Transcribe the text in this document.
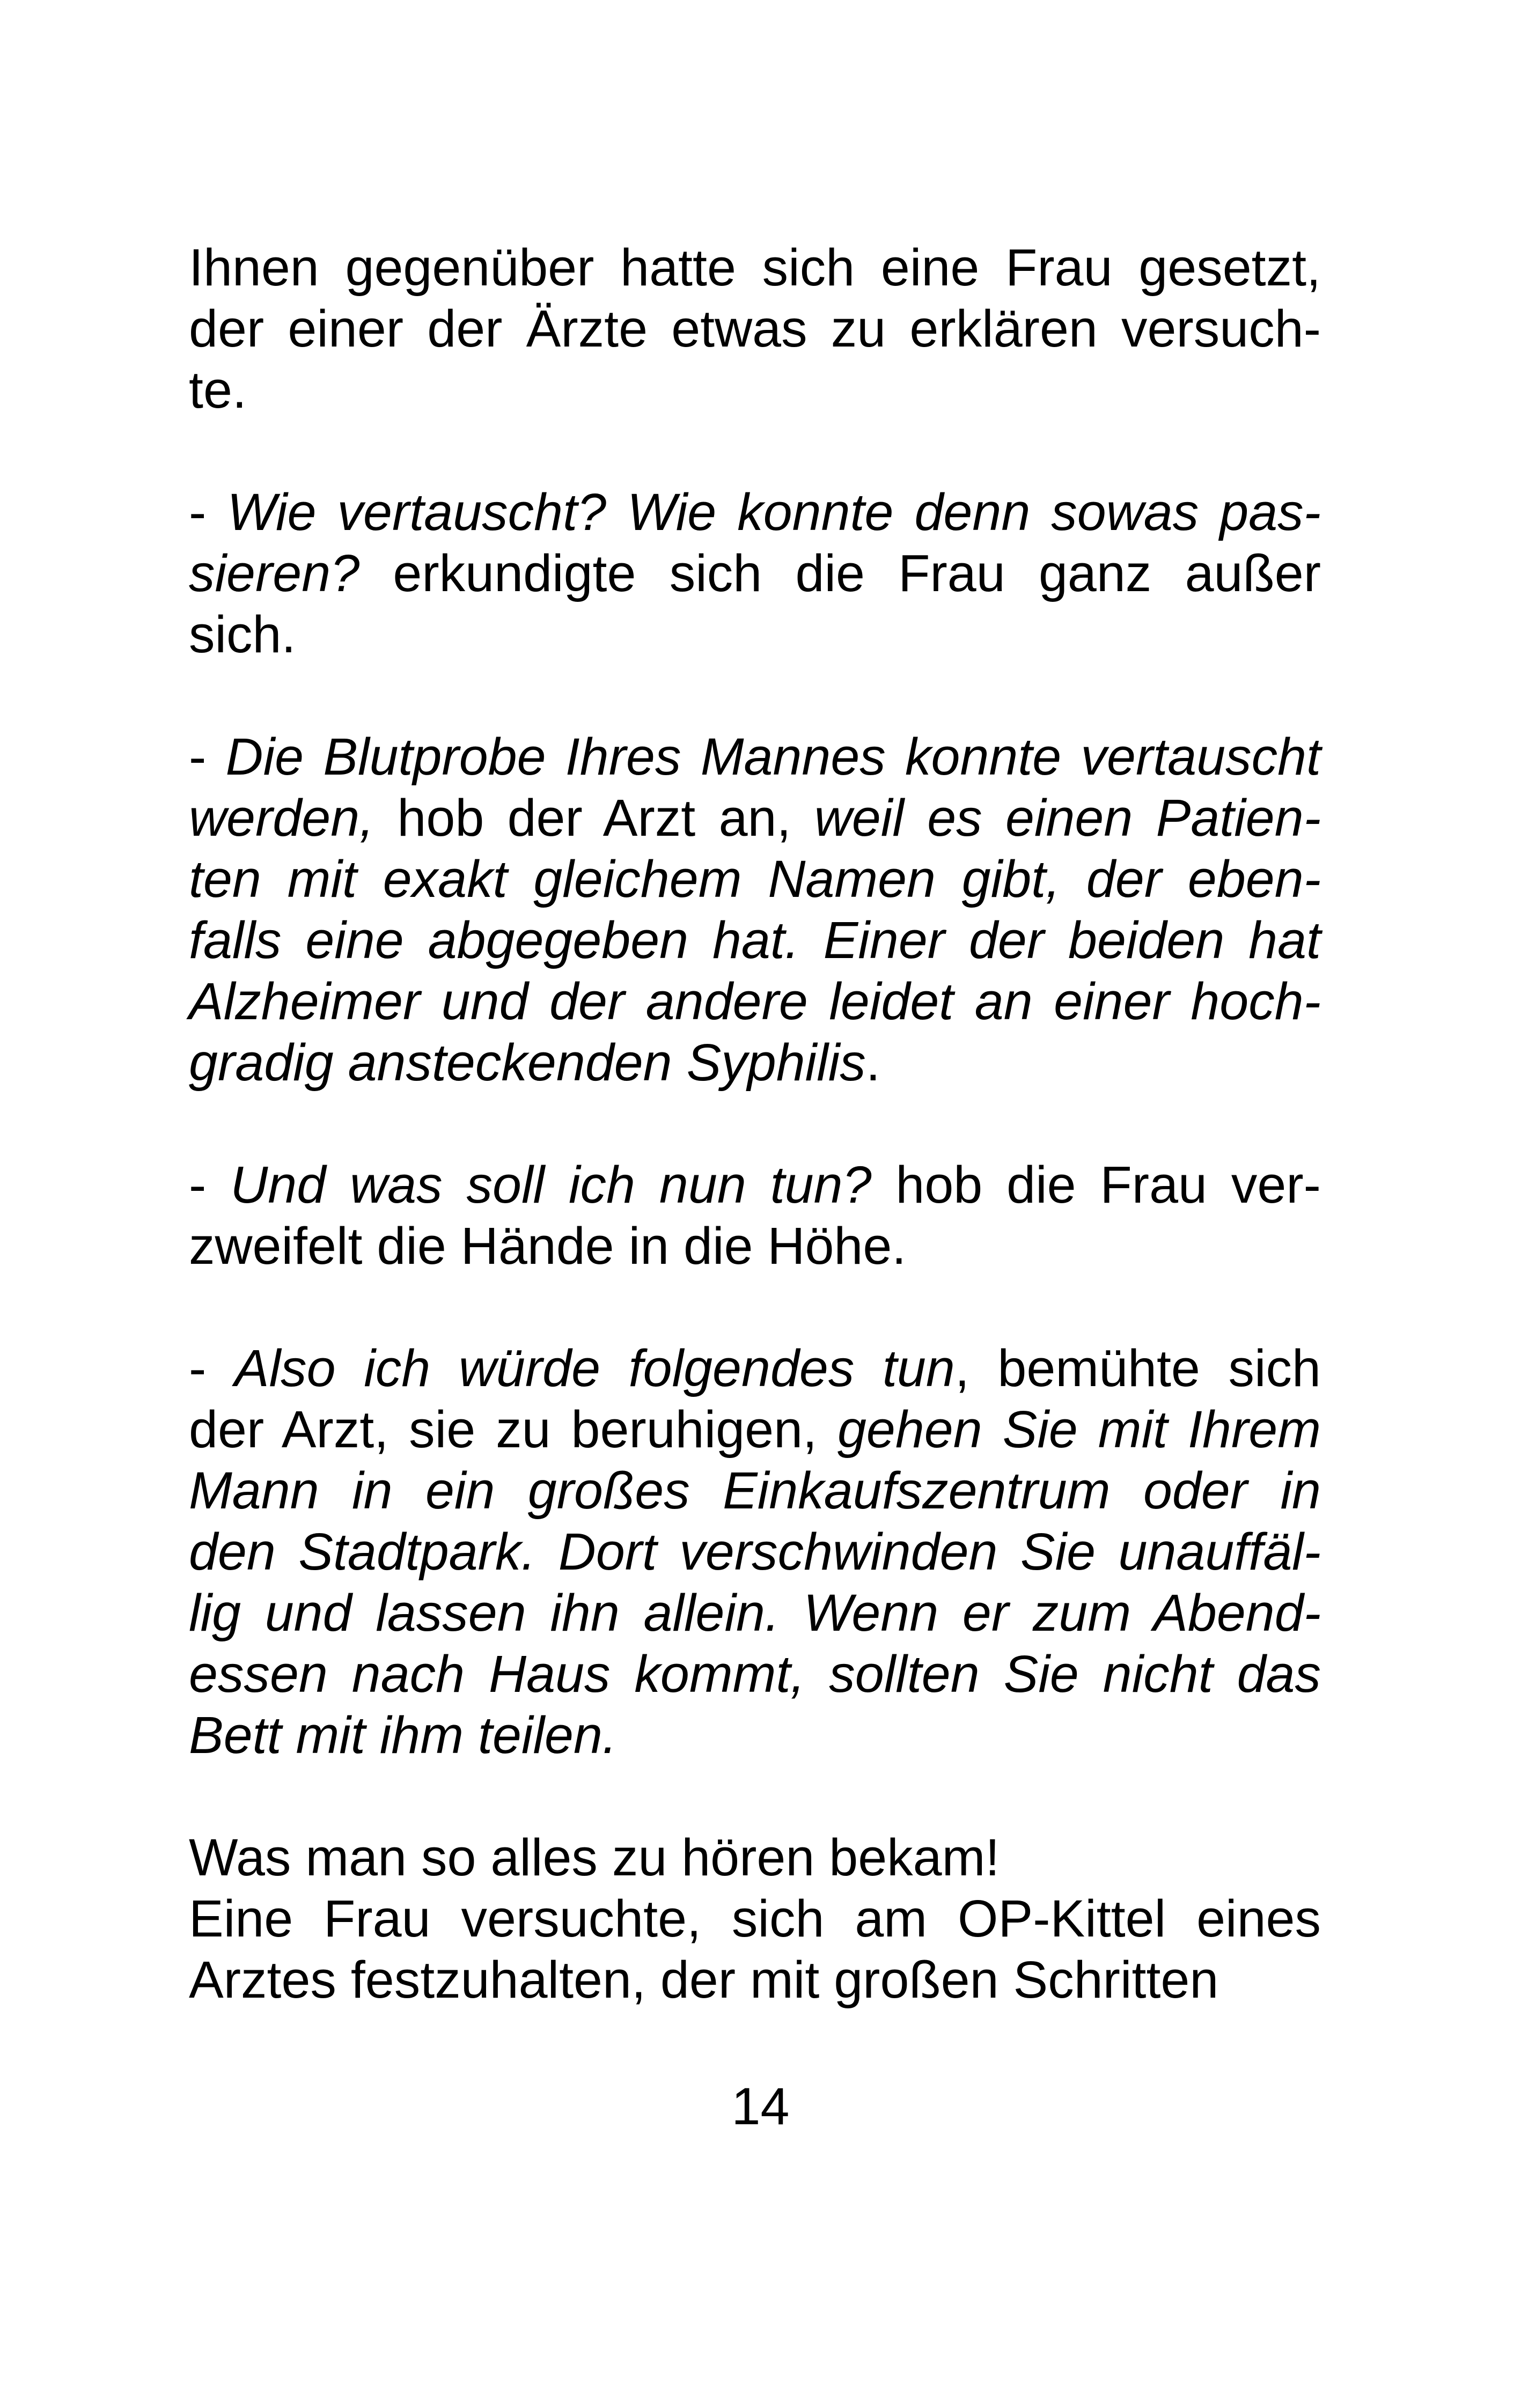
Ihnen gegenüber hatte sich eine Frau gesetzt,
der einer der Ärzte etwas zu erklären versuch-
te.
- Wie vertauscht? Wie konnte denn sowas pas-
sieren? erkundigte sich die Frau ganz außer
sich.
- Die Blutprobe Ihres Mannes konnte vertauscht
werden, hob der Arzt an, weil es einen Patien-
ten mit exakt gleichem Namen gibt, der eben-
falls eine abgegeben hat. Einer der beiden hat
Alzheimer und der andere leidet an einer hoch-
gradig ansteckenden Syphilis.
- Und was soll ich nun tun? hob die Frau ver-
zweifelt die Hände in die Höhe.
- Also ich würde folgendes tun, bemühte sich
der Arzt, sie zu beruhigen, gehen Sie mit Ihrem
Mann in ein großes Einkaufszentrum oder in
den Stadtpark. Dort verschwinden Sie unauffäl-
lig und lassen ihn allein. Wenn er zum Abend-
essen nach Haus kommt, sollten Sie nicht das
Bett mit ihm teilen.
Was man so alles zu hören bekam!
Eine Frau versuchte, sich am OP-Kittel eines
Arztes festzuhalten, der mit großen Schritten
14
